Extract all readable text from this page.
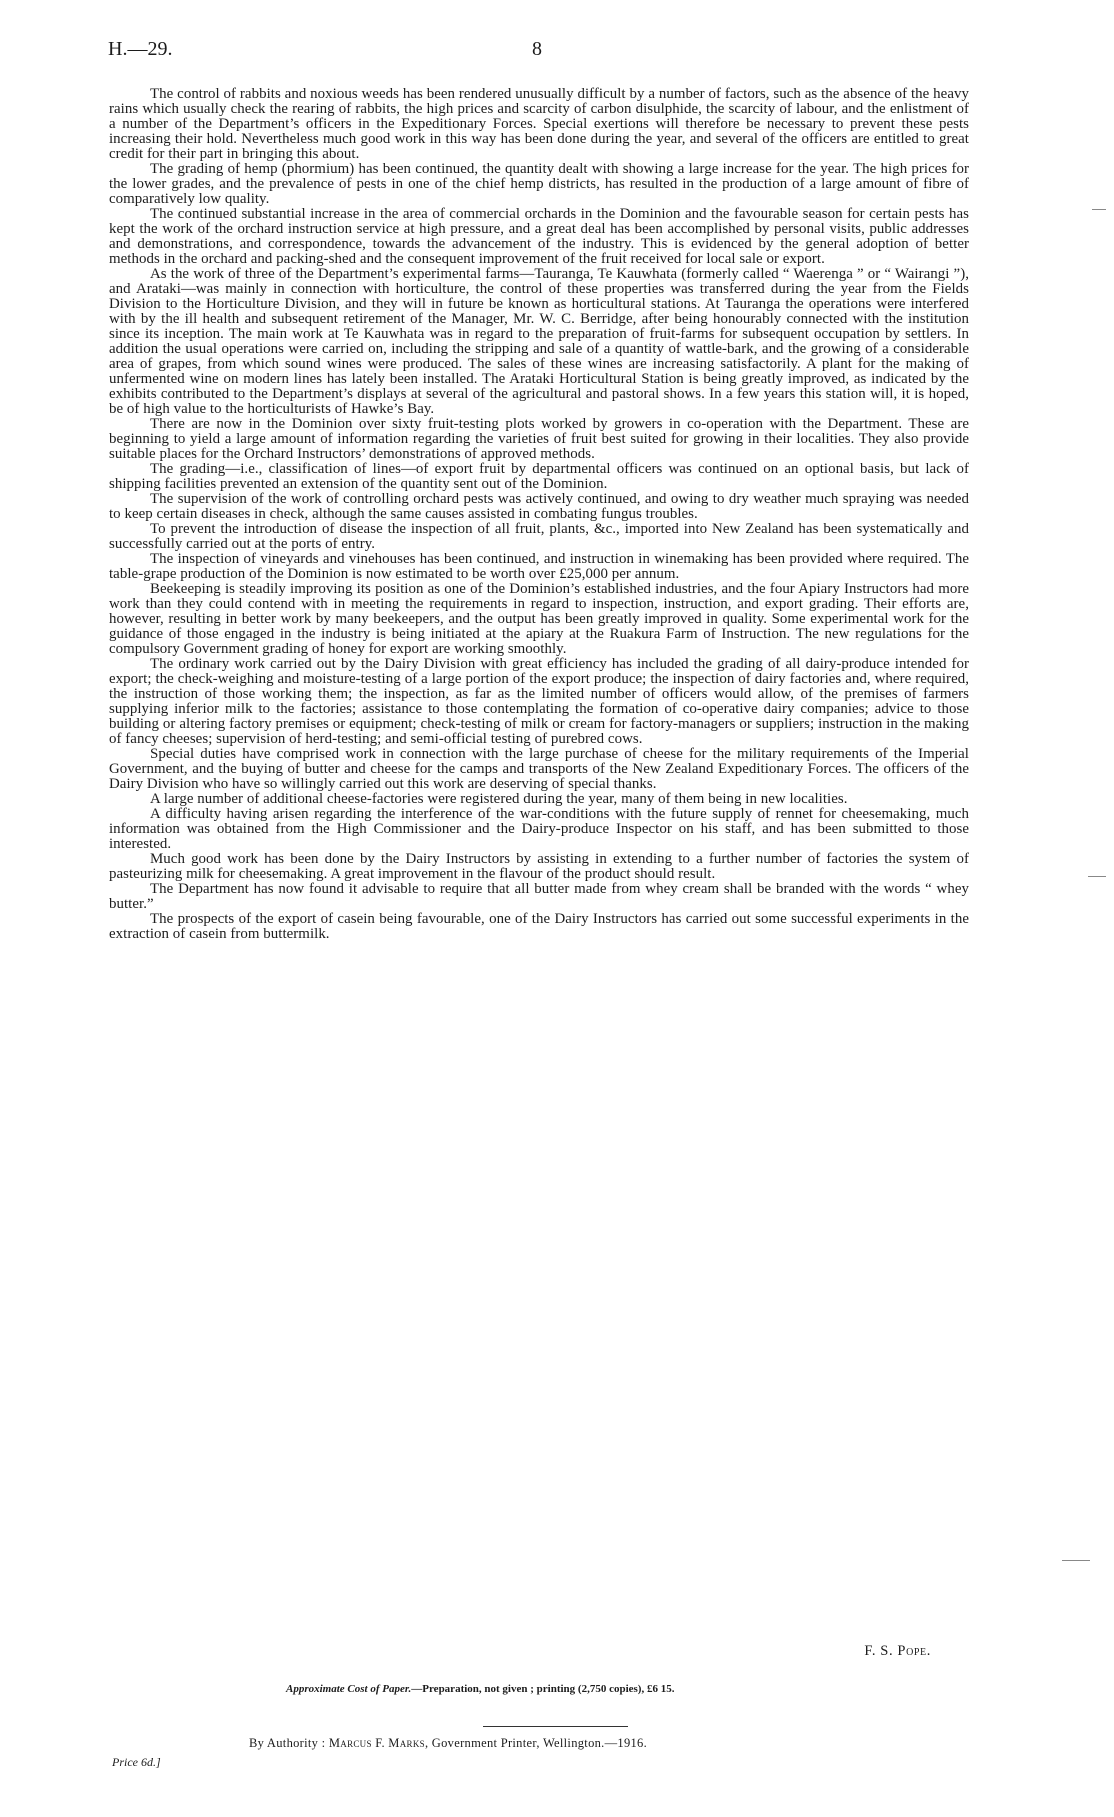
H.—29.	8

The control of rabbits and noxious weeds has been rendered unusually difficult by a number of factors, such as the absence of the heavy rains which usually check the rearing of rabbits, the high prices and scarcity of carbon disulphide, the scarcity of labour, and the enlistment of a number of the Department’s officers in the Expeditionary Forces. Special exertions will therefore be necessary to prevent these pests increasing their hold. Nevertheless much good work in this way has been done during the year, and several of the officers are entitled to great credit for their part in bringing this about.

The grading of hemp (phormium) has been continued, the quantity dealt with showing a large increase for the year. The high prices for the lower grades, and the prevalence of pests in one of the chief hemp districts, has resulted in the production of a large amount of fibre of comparatively low quality.

The continued substantial increase in the area of commercial orchards in the Dominion and the favourable season for certain pests has kept the work of the orchard instruction service at high pressure, and a great deal has been accomplished by personal visits, public addresses and demonstrations, and correspondence, towards the advancement of the industry. This is evidenced by the general adoption of better methods in the orchard and packing-shed and the consequent improvement of the fruit received for local sale or export.

As the work of three of the Department’s experimental farms—Tauranga, Te Kauwhata (formerly called “ Waerenga ” or “ Wairangi ”), and Arataki—was mainly in connection with horticulture, the control of these properties was transferred during the year from the Fields Division to the Horticulture Division, and they will in future be known as horticultural stations. At Tauranga the operations were interfered with by the ill health and subsequent retirement of the Manager, Mr. W. C. Berridge, after being honourably connected with the institution since its inception. The main work at Te Kauwhata was in regard to the preparation of fruit-farms for subsequent occupation by settlers. In addition the usual operations were carried on, including the stripping and sale of a quantity of wattle-bark, and the growing of a considerable area of grapes, from which sound wines were produced. The sales of these wines are increasing satisfactorily. A plant for the making of unfermented wine on modern lines has lately been installed. The Arataki Horticultural Station is being greatly improved, as indicated by the exhibits contributed to the Department’s displays at several of the agricultural and pastoral shows. In a few years this station will, it is hoped, be of high value to the horticulturists of Hawke’s Bay.

There are now in the Dominion over sixty fruit-testing plots worked by growers in co-operation with the Department. These are beginning to yield a large amount of information regarding the varieties of fruit best suited for growing in their localities. They also provide suitable places for the Orchard Instructors’ demonstrations of approved methods.

The grading—i.e., classification of lines—of export fruit by departmental officers was continued on an optional basis, but lack of shipping facilities prevented an extension of the quantity sent out of the Dominion.

The supervision of the work of controlling orchard pests was actively continued, and owing to dry weather much spraying was needed to keep certain diseases in check, although the same causes assisted in combating fungus troubles.

To prevent the introduction of disease the inspection of all fruit, plants, &c., imported into New Zealand has been systematically and successfully carried out at the ports of entry.

The inspection of vineyards and vinehouses has been continued, and instruction in winemaking has been provided where required. The table-grape production of the Dominion is now estimated to be worth over £25,000 per annum.

Beekeeping is steadily improving its position as one of the Dominion’s established industries, and the four Apiary Instructors had more work than they could contend with in meeting the requirements in regard to inspection, instruction, and export grading. Their efforts are, however, resulting in better work by many beekeepers, and the output has been greatly improved in quality. Some experimental work for the guidance of those engaged in the industry is being initiated at the apiary at the Ruakura Farm of Instruction. The new regulations for the compulsory Government grading of honey for export are working smoothly.

The ordinary work carried out by the Dairy Division with great efficiency has included the grading of all dairy-produce intended for export; the check-weighing and moisture-testing of a large portion of the export produce; the inspection of dairy factories and, where required, the instruction of those working them; the inspection, as far as the limited number of officers would allow, of the premises of farmers supplying inferior milk to the factories; assistance to those contemplating the formation of co-operative dairy companies; advice to those building or altering factory premises or equipment; check-testing of milk or cream for factory-managers or suppliers; instruction in the making of fancy cheeses; supervision of herd-testing; and semi-official testing of purebred cows.

Special duties have comprised work in connection with the large purchase of cheese for the military requirements of the Imperial Government, and the buying of butter and cheese for the camps and transports of the New Zealand Expeditionary Forces. The officers of the Dairy Division who have so willingly carried out this work are deserving of special thanks.

A large number of additional cheese-factories were registered during the year, many of them being in new localities.

A difficulty having arisen regarding the interference of the war-conditions with the future supply of rennet for cheesemaking, much information was obtained from the High Commissioner and the Dairy-produce Inspector on his staff, and has been submitted to those interested.

Much good work has been done by the Dairy Instructors by assisting in extending to a further number of factories the system of pasteurizing milk for cheesemaking. A great improvement in the flavour of the product should result.

The Department has now found it advisable to require that all butter made from whey cream shall be branded with the words “ whey butter.”

The prospects of the export of casein being favourable, one of the Dairy Instructors has carried out some successful experiments in the extraction of casein from buttermilk.

F. S. Pope.
Approximate Cost of Paper.—Preparation, not given ; printing (2,750 copies), £6 15.
By Authority : Marcus F. Marks, Government Printer, Wellington.—1916.
Price 6d.]
